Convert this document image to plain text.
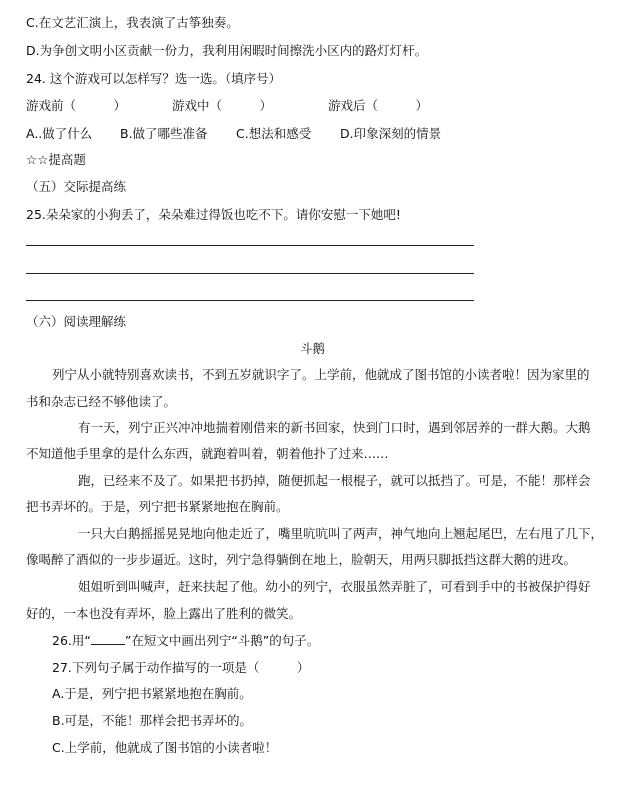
C.在文艺汇演上，我表演了古筝独奏。
D.为争创文明小区贡献一份力，我利用闲暇时间擦洗小区内的路灯灯杆。
24. 这个游戏可以怎样写？选一选。（填序号）
游戏前（　　　）	游戏中（　　　）	游戏后（　　　）
A..做了什么 B.做了哪些准备 C.想法和感受 D.印象深刻的情景
☆☆提高题
（五）交际提高练
25.朵朵家的小狗丢了，朵朵难过得饭也吃不下。请你安慰一下她吧!
（六）阅读理解练
斗鹅
列宁从小就特别喜欢读书，不到五岁就识字了。上学前，他就成了图书馆的小读者啦！因为家里的
书和杂志已经不够他读了。
有一天，列宁正兴冲冲地揣着刚借来的新书回家，快到门口时，遇到邻居养的一群大鹅。大鹅
不知道他手里拿的是什么东西，就跑着叫着，朝着他扑了过来……
跑，已经来不及了。如果把书扔掉，随便抓起一根棍子，就可以抵挡了。可是，不能！那样会
把书弄坏的。于是，列宁把书紧紧地抱在胸前。
一只大白鹅摇摇晃晃地向他走近了，嘴里吭吭叫了两声，神气地向上翘起尾巴，左右甩了几下，
像喝醉了酒似的一步步逼近。这时，列宁急得躺倒在地上，脸朝天，用两只脚抵挡这群大鹅的进攻。
姐姐听到叫喊声，赶来扶起了他。幼小的列宁，衣服虽然弄脏了，可看到手中的书被保护得好
好的，一本也没有弄坏，脸上露出了胜利的微笑。
26.用“	”在短文中画出列宁“斗鹅”的句子。
27.下列句子属于动作描写的一项是（　　　）
A.于是，列宁把书紧紧地抱在胸前。
B.可是，不能！那样会把书弄坏的。
C.上学前，他就成了图书馆的小读者啦！
